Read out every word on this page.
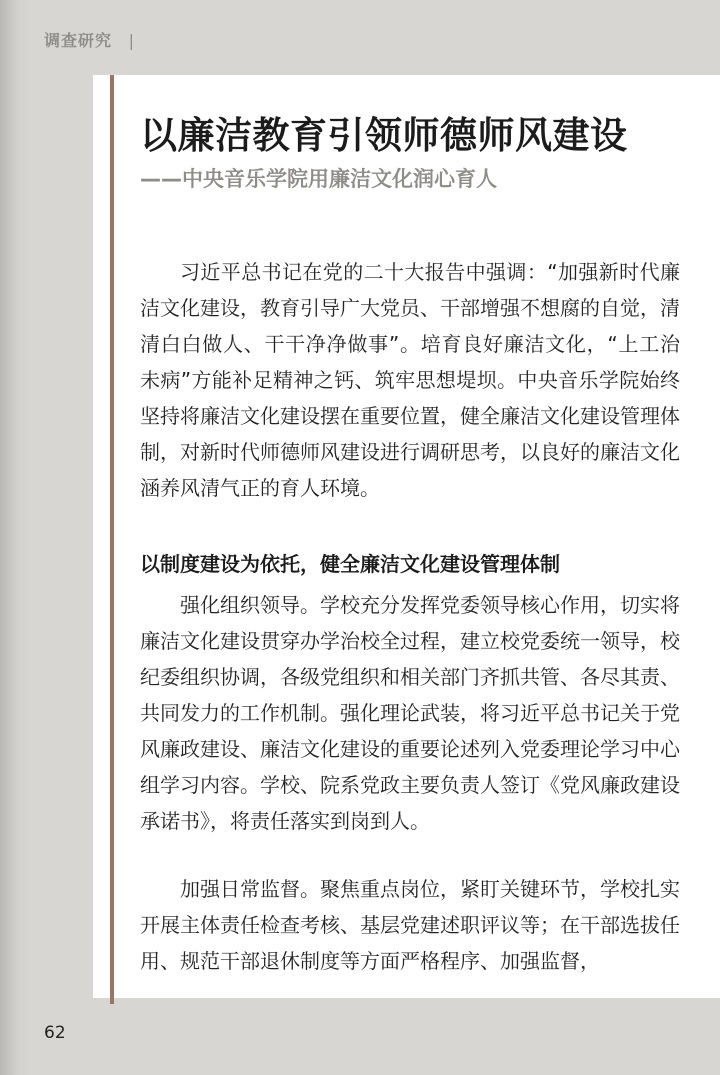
调查研究 |
以廉洁教育引领师德师风建设
——中央音乐学院用廉洁文化润心育人

习近平总书记在党的二十大报告中强调：“加强新时代廉洁文化建设，教育引导广大党员、干部增强不想腐的自觉，清清白白做人、干干净净做事”。培育良好廉洁文化，“上工治未病”方能补足精神之钙、筑牢思想堤坝。中央音乐学院始终坚持将廉洁文化建设摆在重要位置，健全廉洁文化建设管理体制，对新时代师德师风建设进行调研思考，以良好的廉洁文化涵养风清气正的育人环境。

以制度建设为依托，健全廉洁文化建设管理体制

强化组织领导。学校充分发挥党委领导核心作用，切实将廉洁文化建设贯穿办学治校全过程，建立校党委统一领导，校纪委组织协调，各级党组织和相关部门齐抓共管、各尽其责、共同发力的工作机制。强化理论武装，将习近平总书记关于党风廉政建设、廉洁文化建设的重要论述列入党委理论学习中心组学习内容。学校、院系党政主要负责人签订《党风廉政建设承诺书》，将责任落实到岗到人。

加强日常监督。聚焦重点岗位，紧盯关键环节，学校扎实开展主体责任检查考核、基层党建述职评议等；在干部选拔任用、规范干部退休制度等方面严格程序、加强监督，

62
